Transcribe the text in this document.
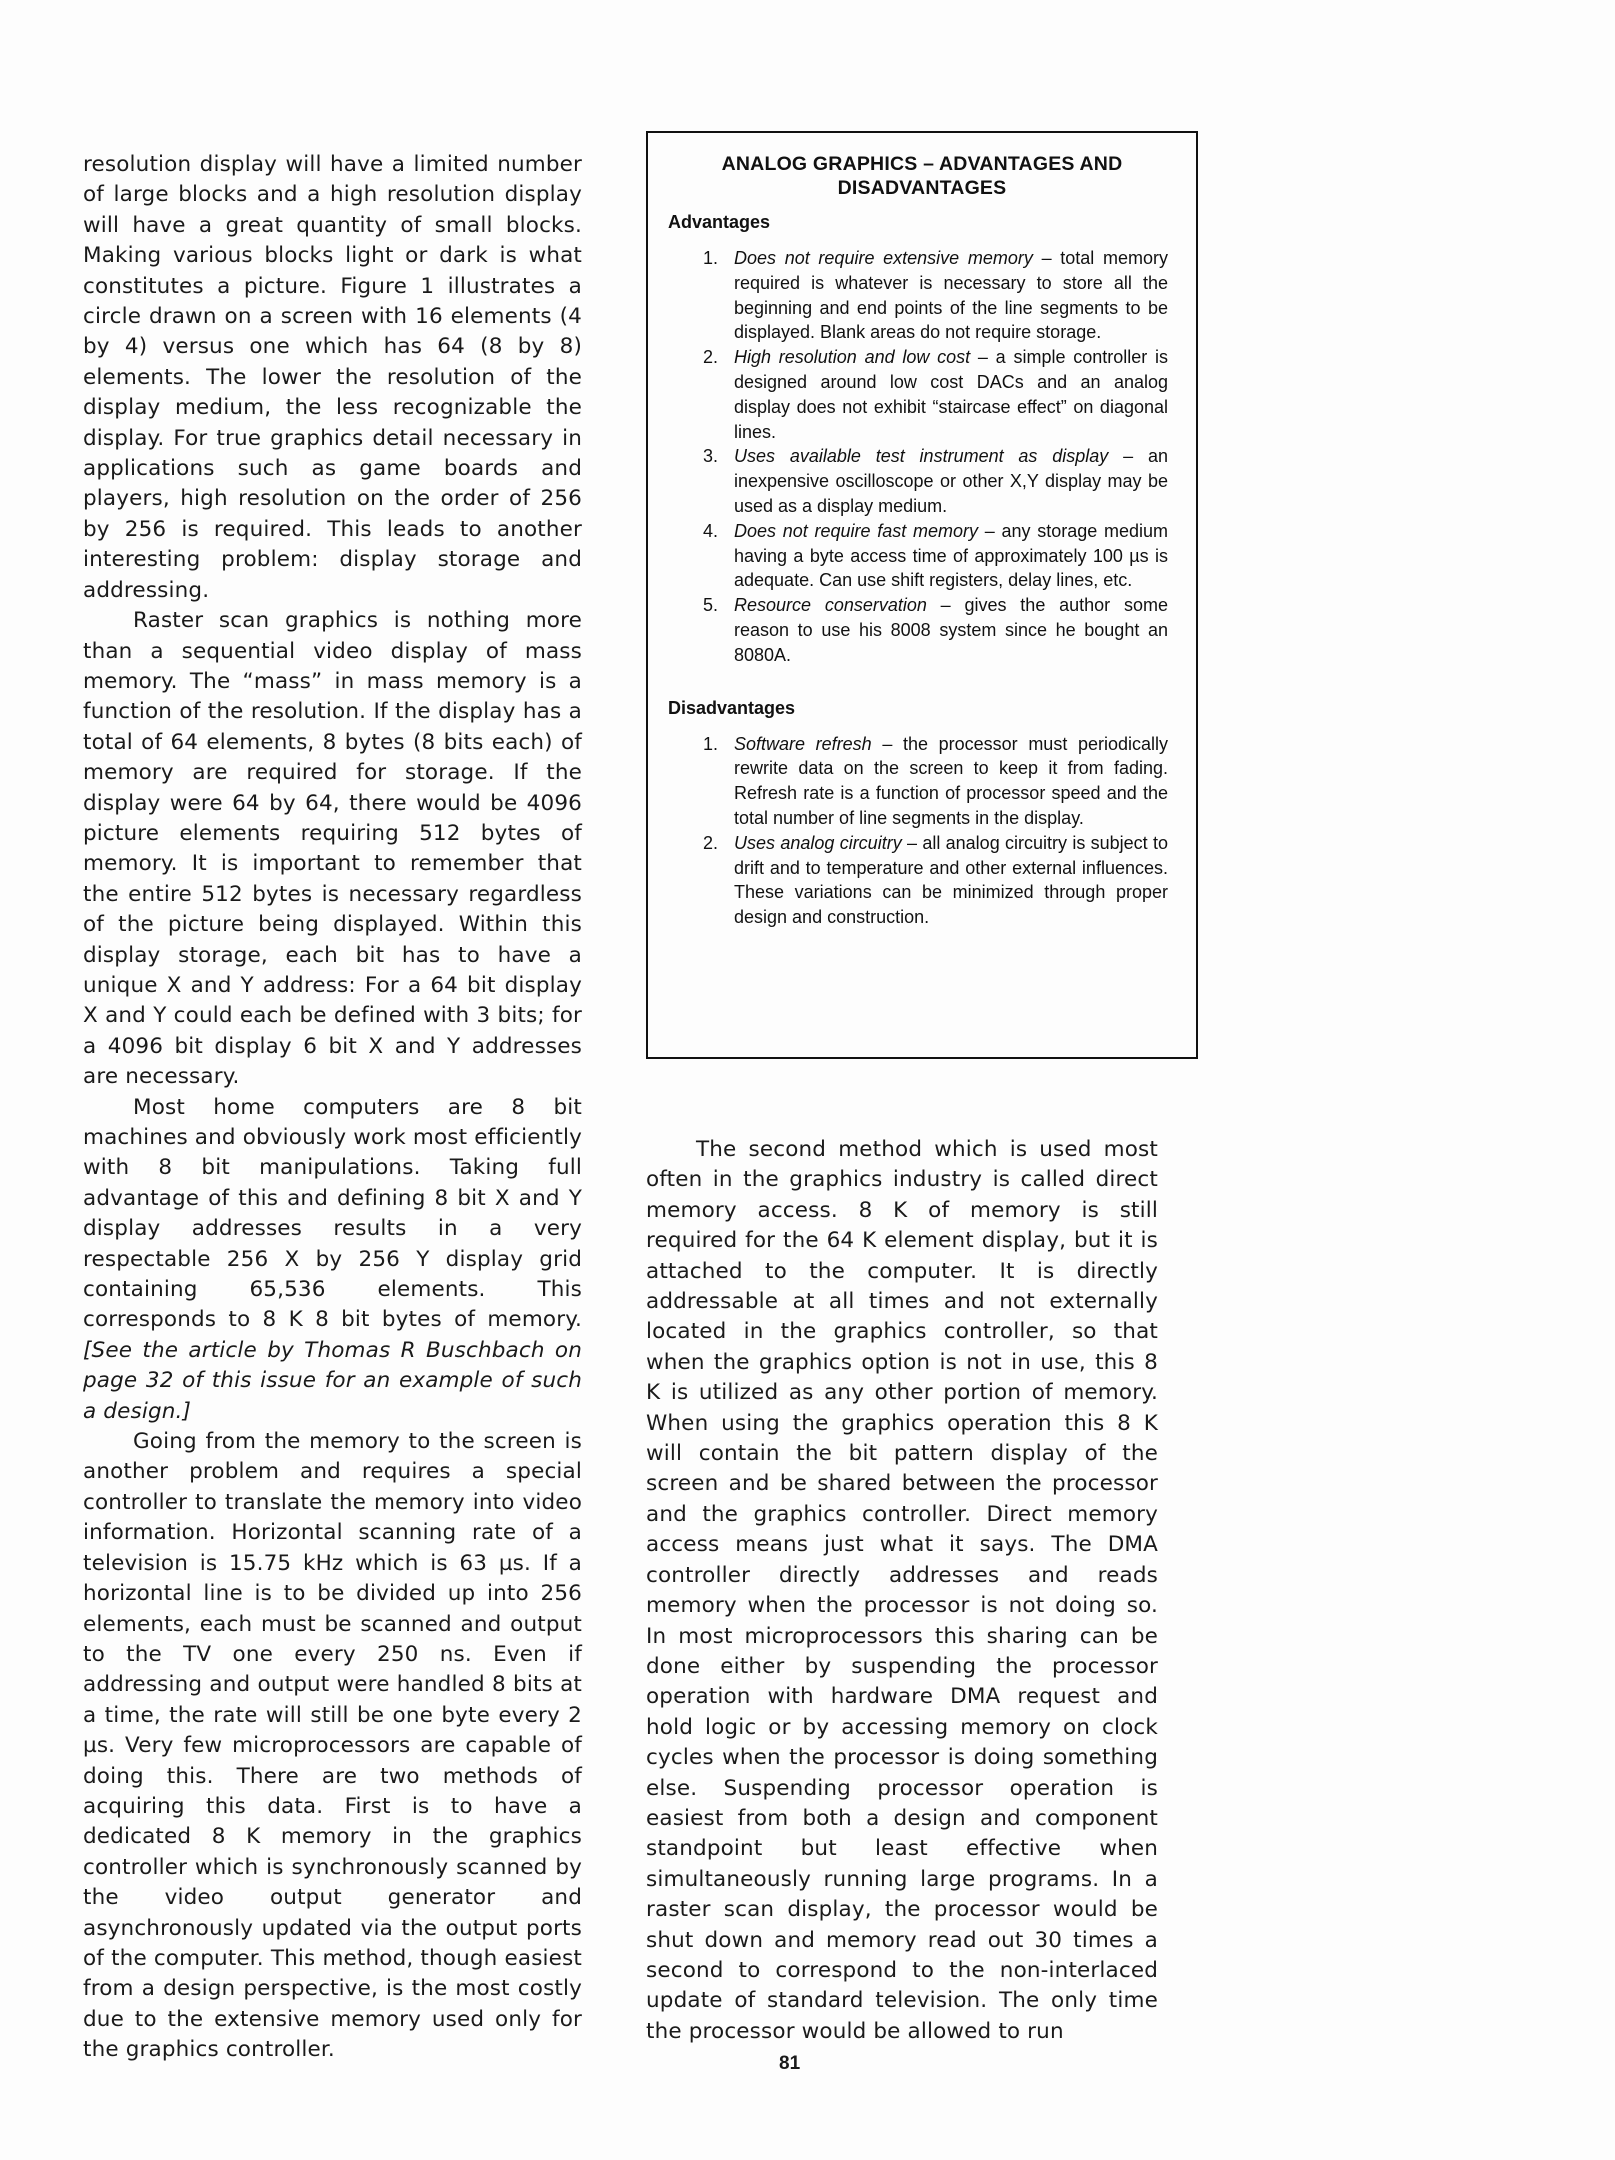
resolution display will have a limited number of large blocks and a high resolution display will have a great quantity of small blocks. Making various blocks light or dark is what constitutes a picture. Figure 1 illustrates a circle drawn on a screen with 16 elements (4 by 4) versus one which has 64 (8 by 8) elements. The lower the resolution of the display medium, the less recognizable the display. For true graphics detail necessary in applications such as game boards and players, high resolution on the order of 256 by 256 is required. This leads to another interesting problem: display storage and addressing.

Raster scan graphics is nothing more than a sequential video display of mass memory. The “mass” in mass memory is a function of the resolution. If the display has a total of 64 elements, 8 bytes (8 bits each) of memory are required for storage. If the display were 64 by 64, there would be 4096 picture elements requiring 512 bytes of memory. It is important to remember that the entire 512 bytes is necessary regardless of the picture being displayed. Within this display storage, each bit has to have a unique X and Y address: For a 64 bit display X and Y could each be defined with 3 bits; for a 4096 bit display 6 bit X and Y addresses are necessary.

Most home computers are 8 bit machines and obviously work most efficiently with 8 bit manipulations. Taking full advantage of this and defining 8 bit X and Y display addresses results in a very respectable 256 X by 256 Y display grid containing 65,536 elements. This corresponds to 8 K 8 bit bytes of memory. [See the article by Thomas R Buschbach on page 32 of this issue for an example of such a design.]

Going from the memory to the screen is another problem and requires a special controller to translate the memory into video information. Horizontal scanning rate of a television is 15.75 kHz which is 63 µs. If a horizontal line is to be divided up into 256 elements, each must be scanned and output to the TV one every 250 ns. Even if addressing and output were handled 8 bits at a time, the rate will still be one byte every 2 µs. Very few microprocessors are capable of doing this. There are two methods of acquiring this data. First is to have a dedicated 8 K memory in the graphics controller which is synchronously scanned by the video output generator and asynchronously updated via the output ports of the computer. This method, though easiest from a design perspective, is the most costly due to the extensive memory used only for the graphics controller.

ANALOG GRAPHICS – ADVANTAGES AND DISADVANTAGES
Advantages
1. Does not require extensive memory – total memory required is whatever is necessary to store all the beginning and end points of the line segments to be displayed. Blank areas do not require storage.
2. High resolution and low cost – a simple controller is designed around low cost DACs and an analog display does not exhibit “staircase effect” on diagonal lines.
3. Uses available test instrument as display – an inexpensive oscilloscope or other X,Y display may be used as a display medium.
4. Does not require fast memory – any storage medium having a byte access time of approximately 100 µs is adequate. Can use shift registers, delay lines, etc.
5. Resource conservation – gives the author some reason to use his 8008 system since he bought an 8080A.
Disadvantages
1. Software refresh – the processor must periodically rewrite data on the screen to keep it from fading. Refresh rate is a function of processor speed and the total number of line segments in the display.
2. Uses analog circuitry – all analog circuitry is subject to drift and to temperature and other external influences. These variations can be minimized through proper design and construction.

The second method which is used most often in the graphics industry is called direct memory access. 8 K of memory is still required for the 64 K element display, but it is attached to the computer. It is directly addressable at all times and not externally located in the graphics controller, so that when the graphics option is not in use, this 8 K is utilized as any other portion of memory. When using the graphics operation this 8 K will contain the bit pattern display of the screen and be shared between the processor and the graphics controller. Direct memory access means just what it says. The DMA controller directly addresses and reads memory when the processor is not doing so. In most microprocessors this sharing can be done either by suspending the processor operation with hardware DMA request and hold logic or by accessing memory on clock cycles when the processor is doing something else. Suspending processor operation is easiest from both a design and component standpoint but least effective when simultaneously running large programs. In a raster scan display, the processor would be shut down and memory read out 30 times a second to correspond to the non-interlaced update of standard television. The only time the processor would be allowed to run

81
